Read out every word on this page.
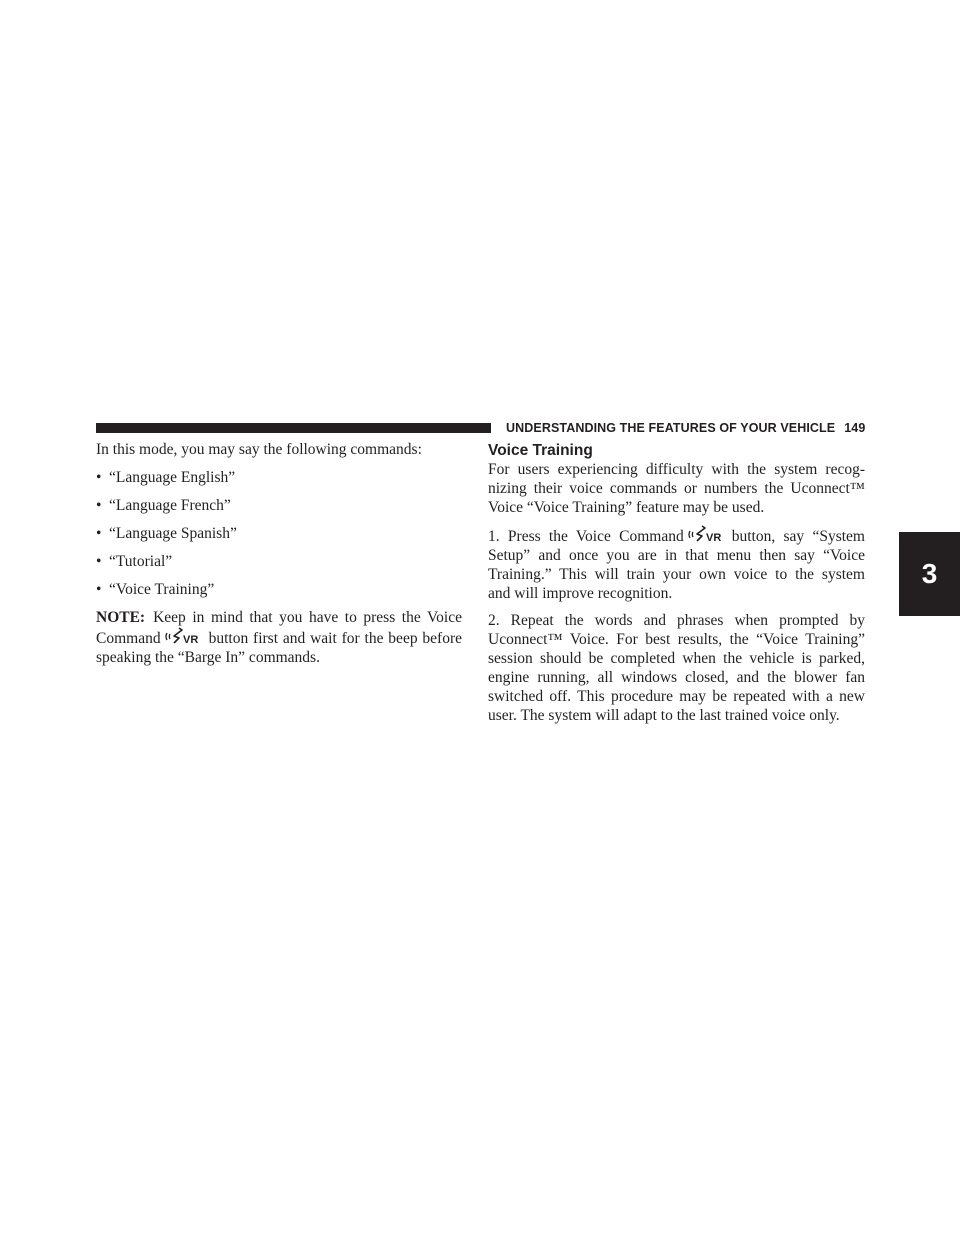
UNDERSTANDING THE FEATURES OF YOUR VEHICLE 149
3

In this mode, you may say the following commands:

• “Language English”
• “Language French”
• “Language Spanish”
• “Tutorial”
• “Voice Training”
NOTE: Keep in mind that you have to press the Voice
Command VR button first and wait for the beep before
speaking the “Barge In” commands.
Voice Training
For users experiencing difficulty with the system recog-
nizing their voice commands or numbers the Uconnect™
Voice “Voice Training” feature may be used.
1. Press the Voice Command VR button, say “System
Setup” and once you are in that menu then say “Voice
Training.” This will train your own voice to the system
and will improve recognition.
2. Repeat the words and phrases when prompted by
Uconnect™ Voice. For best results, the “Voice Training”
session should be completed when the vehicle is parked,
engine running, all windows closed, and the blower fan
switched off. This procedure may be repeated with a new
user. The system will adapt to the last trained voice only.
